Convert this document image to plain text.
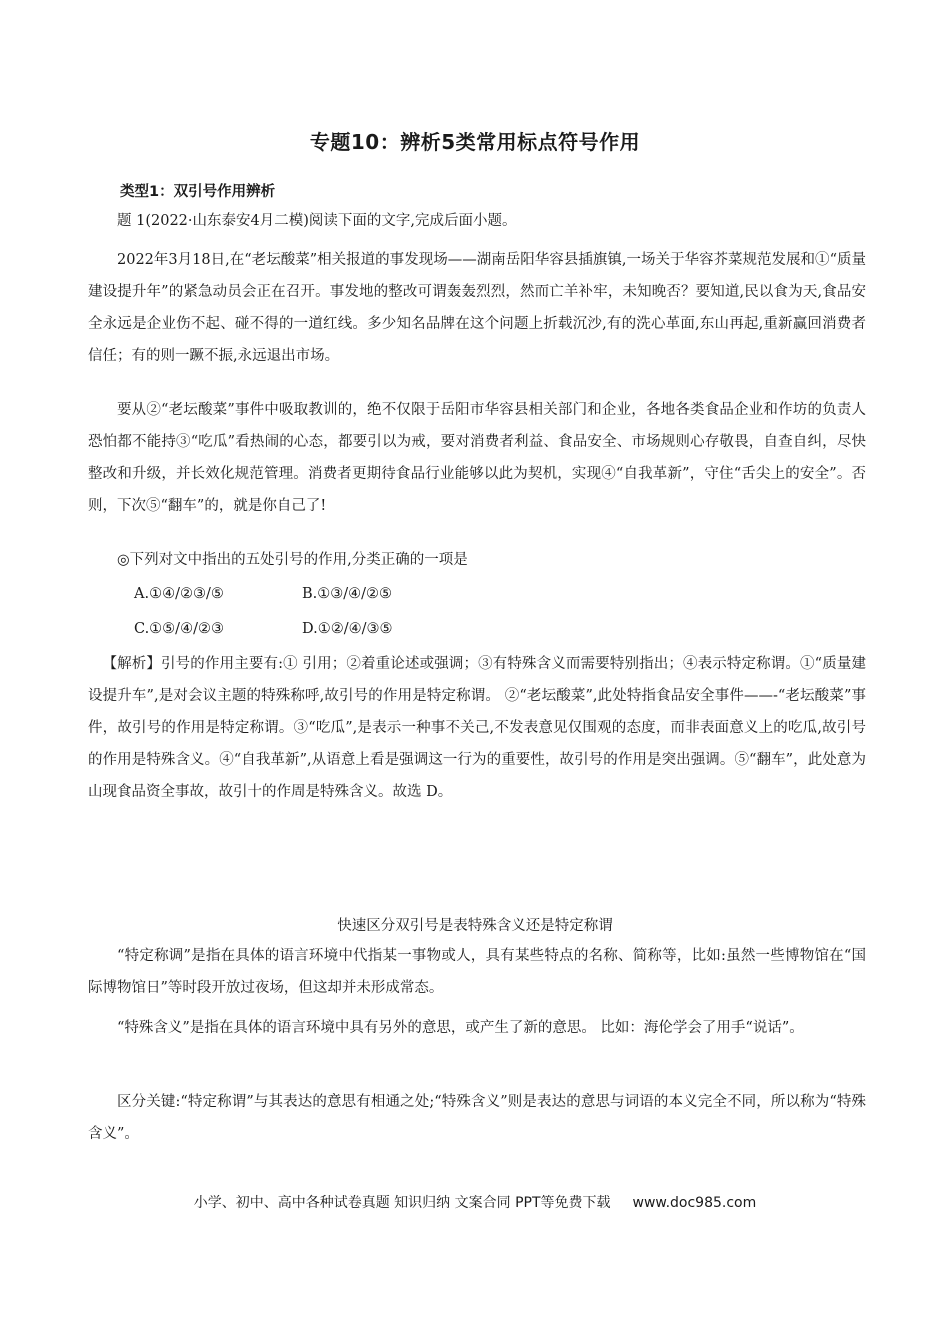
专题10：辨析5类常用标点符号作用
类型1：双引号作用辨析

题 1(2022·山东泰安4月二模)阅读下面的文字,完成后面小题。

2022年3月18日,在“老坛酸菜”相关报道的事发现场——湖南岳阳华容县插旗镇,一场关于华容芥菜规范发展和①“质量建设提升年”的紧急动员会正在召开。事发地的整改可谓轰轰烈烈，然而亡羊补牢，未知晚否？要知道,民以食为天,食品安全永远是企业伤不起、碰不得的一道红线。多少知名品牌在这个问题上折载沉沙,有的洗心革面,东山再起,重新赢回消费者信任；有的则一蹶不振,永远退出市场。

要从②“老坛酸菜”事件中吸取教训的，绝不仅限于岳阳市华容县相关部门和企业，各地各类食品企业和作坊的负责人恐怕都不能持③“吃瓜”看热闹的心态，都要引以为戒，要对消费者利益、食品安全、市场规则心存敬畏，自查自纠，尽快整改和升级，并长效化规范管理。消费者更期待食品行业能够以此为契机，实现④“自我革新”，守住“舌尖上的安全”。否则，下次⑤“翻车”的，就是你自己了!

◎下列对文中指出的五处引号的作用,分类正确的一项是

A.①④/②③/⑤	B.①③/④/②⑤
C.①⑤/④/②③	D.①②/④/③⑤

【解析】引号的作用主要有:① 引用；②着重论述或强调；③有特殊含义而需要特别指出；④表示特定称谓。①“质量建设提升车”,是对会议主题的特殊称呼,故引号的作用是特定称谓。 ②“老坛酸菜”,此处特指食品安全事件——-“老坛酸菜”事件，故引号的作用是特定称谓。③“吃瓜”,是表示一种事不关己,不发表意见仅围观的态度，而非表面意义上的吃瓜,故引号的作用是特殊含义。④“自我革新”,从语意上看是强调这一行为的重要性，故引号的作用是突出强调。⑤“翻车”，此处意为山现食品资全事故，故引十的作周是特殊含义。故选 D。

快速区分双引号是表特殊含义还是特定称谓

“特定称调”是指在具体的语言环境中代指某一事物或人，具有某些特点的名称、简称等，比如:虽然一些博物馆在“国际博物馆日”等时段开放过夜场，但这却并未形成常态。

“特殊含义”是指在具体的语言环境中具有另外的意思，或产生了新的意思。 比如：海伦学会了用手“说话”。

区分关键:“特定称谓”与其表达的意思有相通之处;“特殊含义”则是表达的意思与词语的本义完全不同，所以称为“特殊含义”。

小学、初中、高中各种试卷真题 知识归纳 文案合同 PPT等免费下载 www.doc985.com
